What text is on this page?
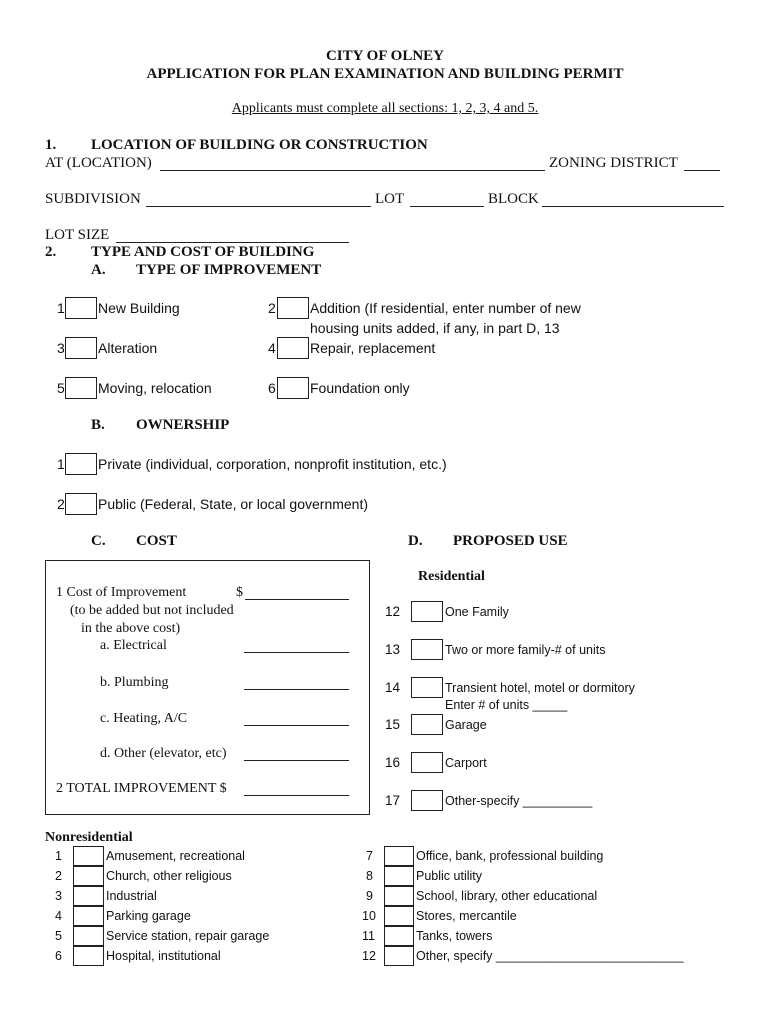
CITY OF OLNEY
APPLICATION FOR PLAN EXAMINATION AND BUILDING PERMIT
Applicants must complete all sections: 1, 2, 3, 4 and 5.
1. LOCATION OF BUILDING OR CONSTRUCTION
AT (LOCATION)	ZONING DISTRICT
SUBDIVISION	LOT	BLOCK
LOT SIZE
2. TYPE AND COST OF BUILDING
A. TYPE OF IMPROVEMENT
1 New Building	2 Addition (If residential, enter number of new
housing units added, if any, in part D, 13
3 Alteration	4 Repair, replacement
5 Moving, relocation	6 Foundation only
B. OWNERSHIP
1 Private (individual, corporation, nonprofit institution, etc.)
2 Public (Federal, State, or local government)
C. COST	D. PROPOSED USE
1 Cost of Improvement	$
(to be added but not included
in the above cost)
a. Electrical
b. Plumbing
c. Heating, A/C
d. Other (elevator, etc)
2 TOTAL IMPROVEMENT $
Residential
12	One Family
13	Two or more family-# of units
14	Transient hotel, motel or dormitory
Enter # of units _____
15	Garage
16	Carport
17	Other-specify __________
Nonresidential
1	Amusement, recreational
2	Church, other religious
3	Industrial
4	Parking garage
5	Service station, repair garage
6	Hospital, institutional
7	Office, bank, professional building
8	Public utility
9	School, library, other educational
10	Stores, mercantile
11	Tanks, towers
12	Other, specify ___________________________
